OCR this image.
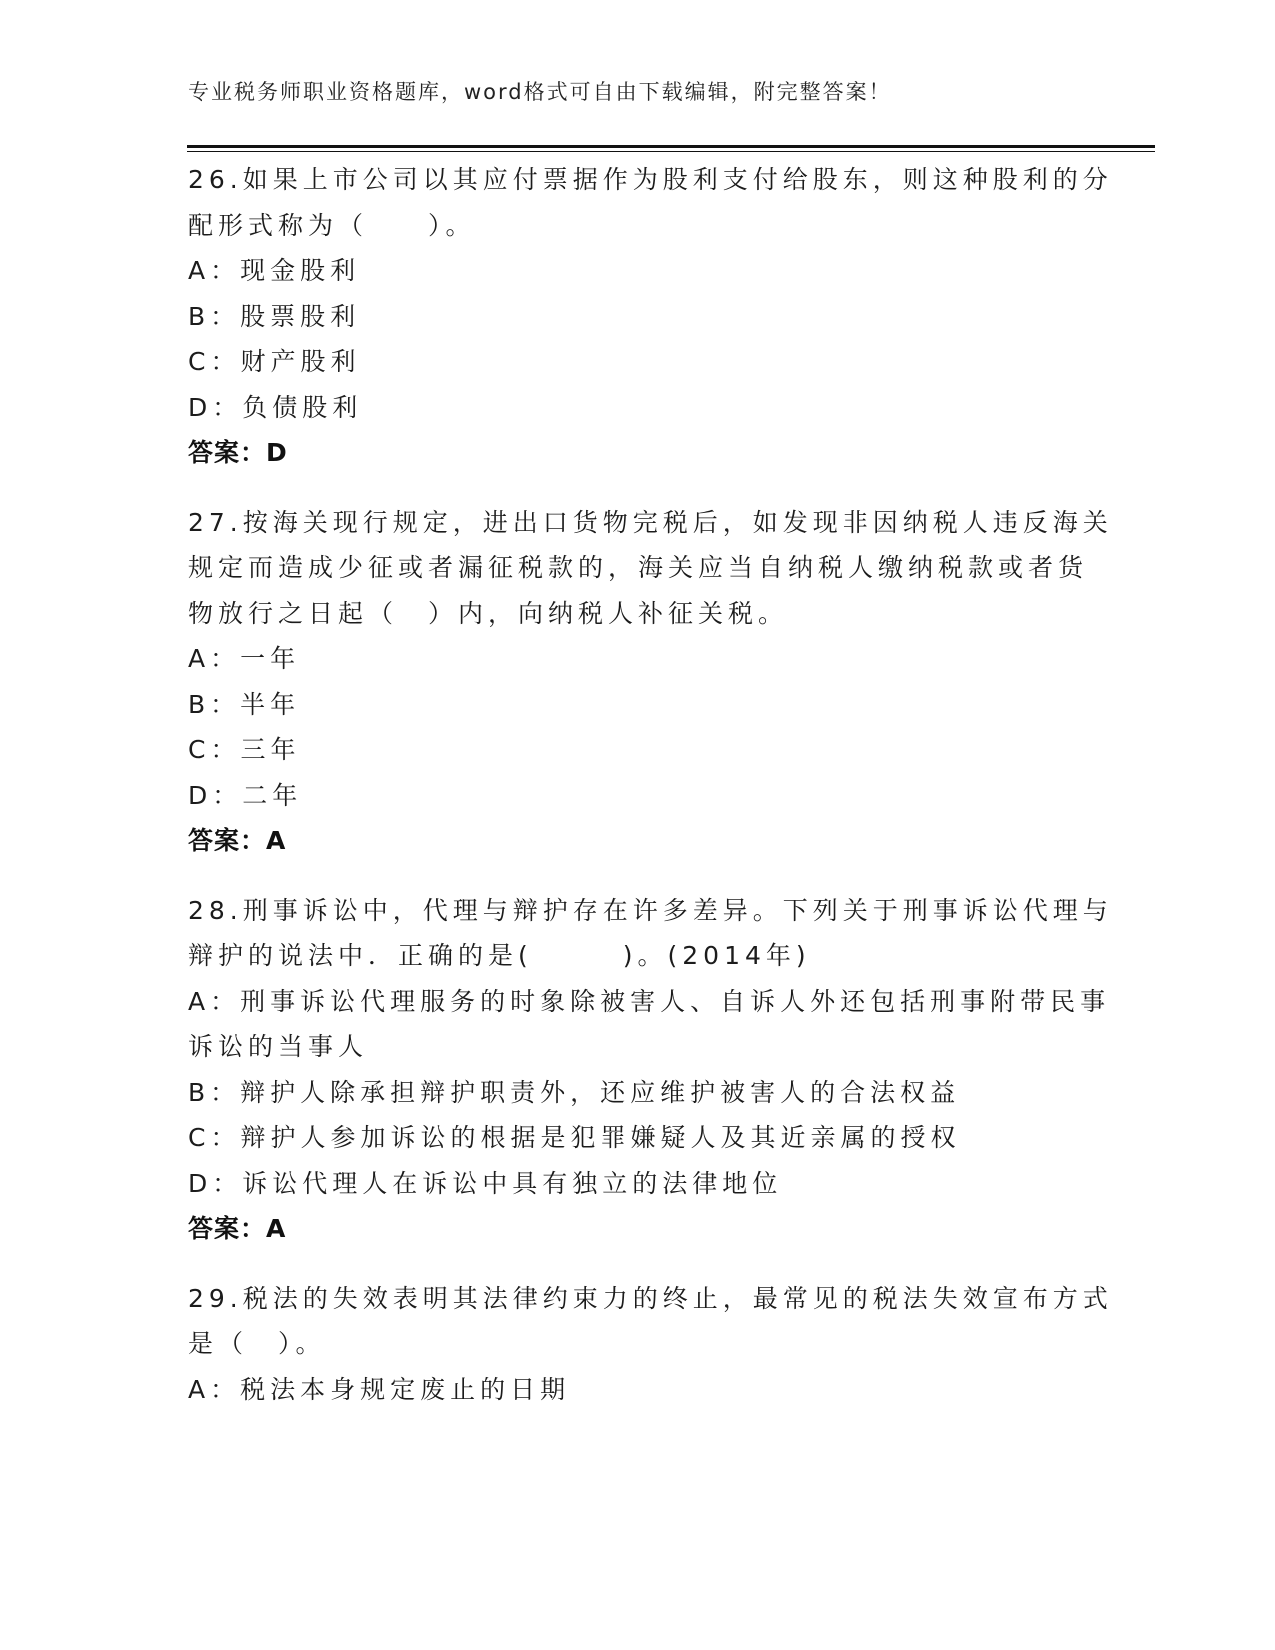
专业税务师职业资格题库，word格式可自由下载编辑，附完整答案！
26.如果上市公司以其应付票据作为股利支付给股东，则这种股利的分
配形式称为（　　）。
A：现金股利
B：股票股利
C：财产股利
D：负债股利
答案：D
27.按海关现行规定，进出口货物完税后，如发现非因纳税人违反海关
规定而造成少征或者漏征税款的，海关应当自纳税人缴纳税款或者货
物放行之日起（　）内，向纳税人补征关税。
A：一年
B：半年
C：三年
D：二年
答案：A
28.刑事诉讼中，代理与辩护存在许多差异。下列关于刑事诉讼代理与
辩护的说法中．正确的是(　　　)。(2014年)
A：刑事诉讼代理服务的时象除被害人、自诉人外还包括刑事附带民事
诉讼的当事人
B：辩护人除承担辩护职责外，还应维护被害人的合法权益
C：辩护人参加诉讼的根据是犯罪嫌疑人及其近亲属的授权
D：诉讼代理人在诉讼中具有独立的法律地位
答案：A
29.税法的失效表明其法律约束力的终止，最常见的税法失效宣布方式
是（　）。
A：税法本身规定废止的日期
